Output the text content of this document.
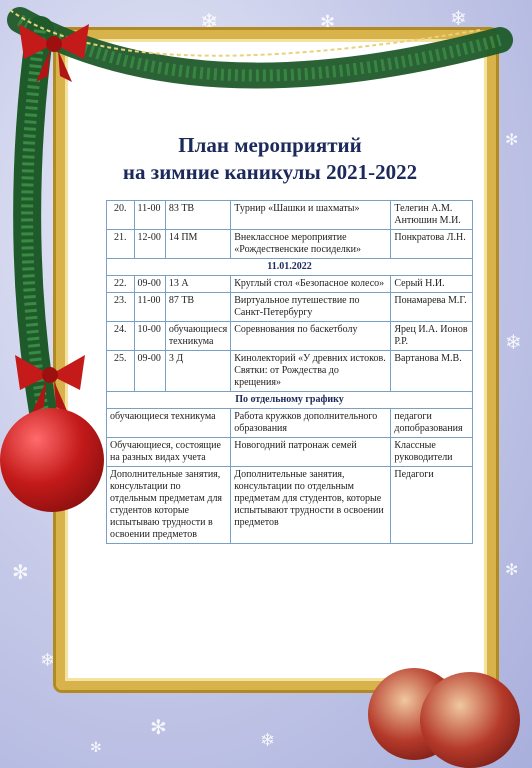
❄	✻	❄
✻
❄
✻
❄
✻
❄
✻
❄
✻
План мероприятий
на зимние каникулы 2021-2022
20.	11-00	83 ТВ	Турнир «Шашки и шахматы»	Телегин А.М. Антюшин М.И.
21.	12-00	14 ПМ	Внеклассное мероприятие «Рождественские посиделки»	Понкратова Л.Н.
11.01.2022				
22.	09-00	13 А	Круглый стол «Безопасное колесо»	Серый Н.И.
23.	11-00	87 ТВ	Виртуальное путешествие по Санкт-Петербургу	Понамарева М.Г.
24.	10-00	обучающиеся техникума	Соревнования по баскетболу	Ярец И.А. Ионов Р.Р.
25.	09-00	3 Д	Кинолекторий «У древних истоков. Святки: от Рождества до крещения»	Вартанова М.В.
По отдельному графику				
обучающиеся техникума			Работа кружков дополнительного образования	педагоги допобразования
Обучающиеся, состоящие на разных видах учета			Новогодний патронаж семей	Классные руководители
Дополнительные занятия, консультации по отдельным предметам для студентов которые испытываю трудности в освоении предметов			Дополнительные занятия, консультации по отдельным предметам для студентов, которые испытывают трудности в освоении предметов	Педагоги
